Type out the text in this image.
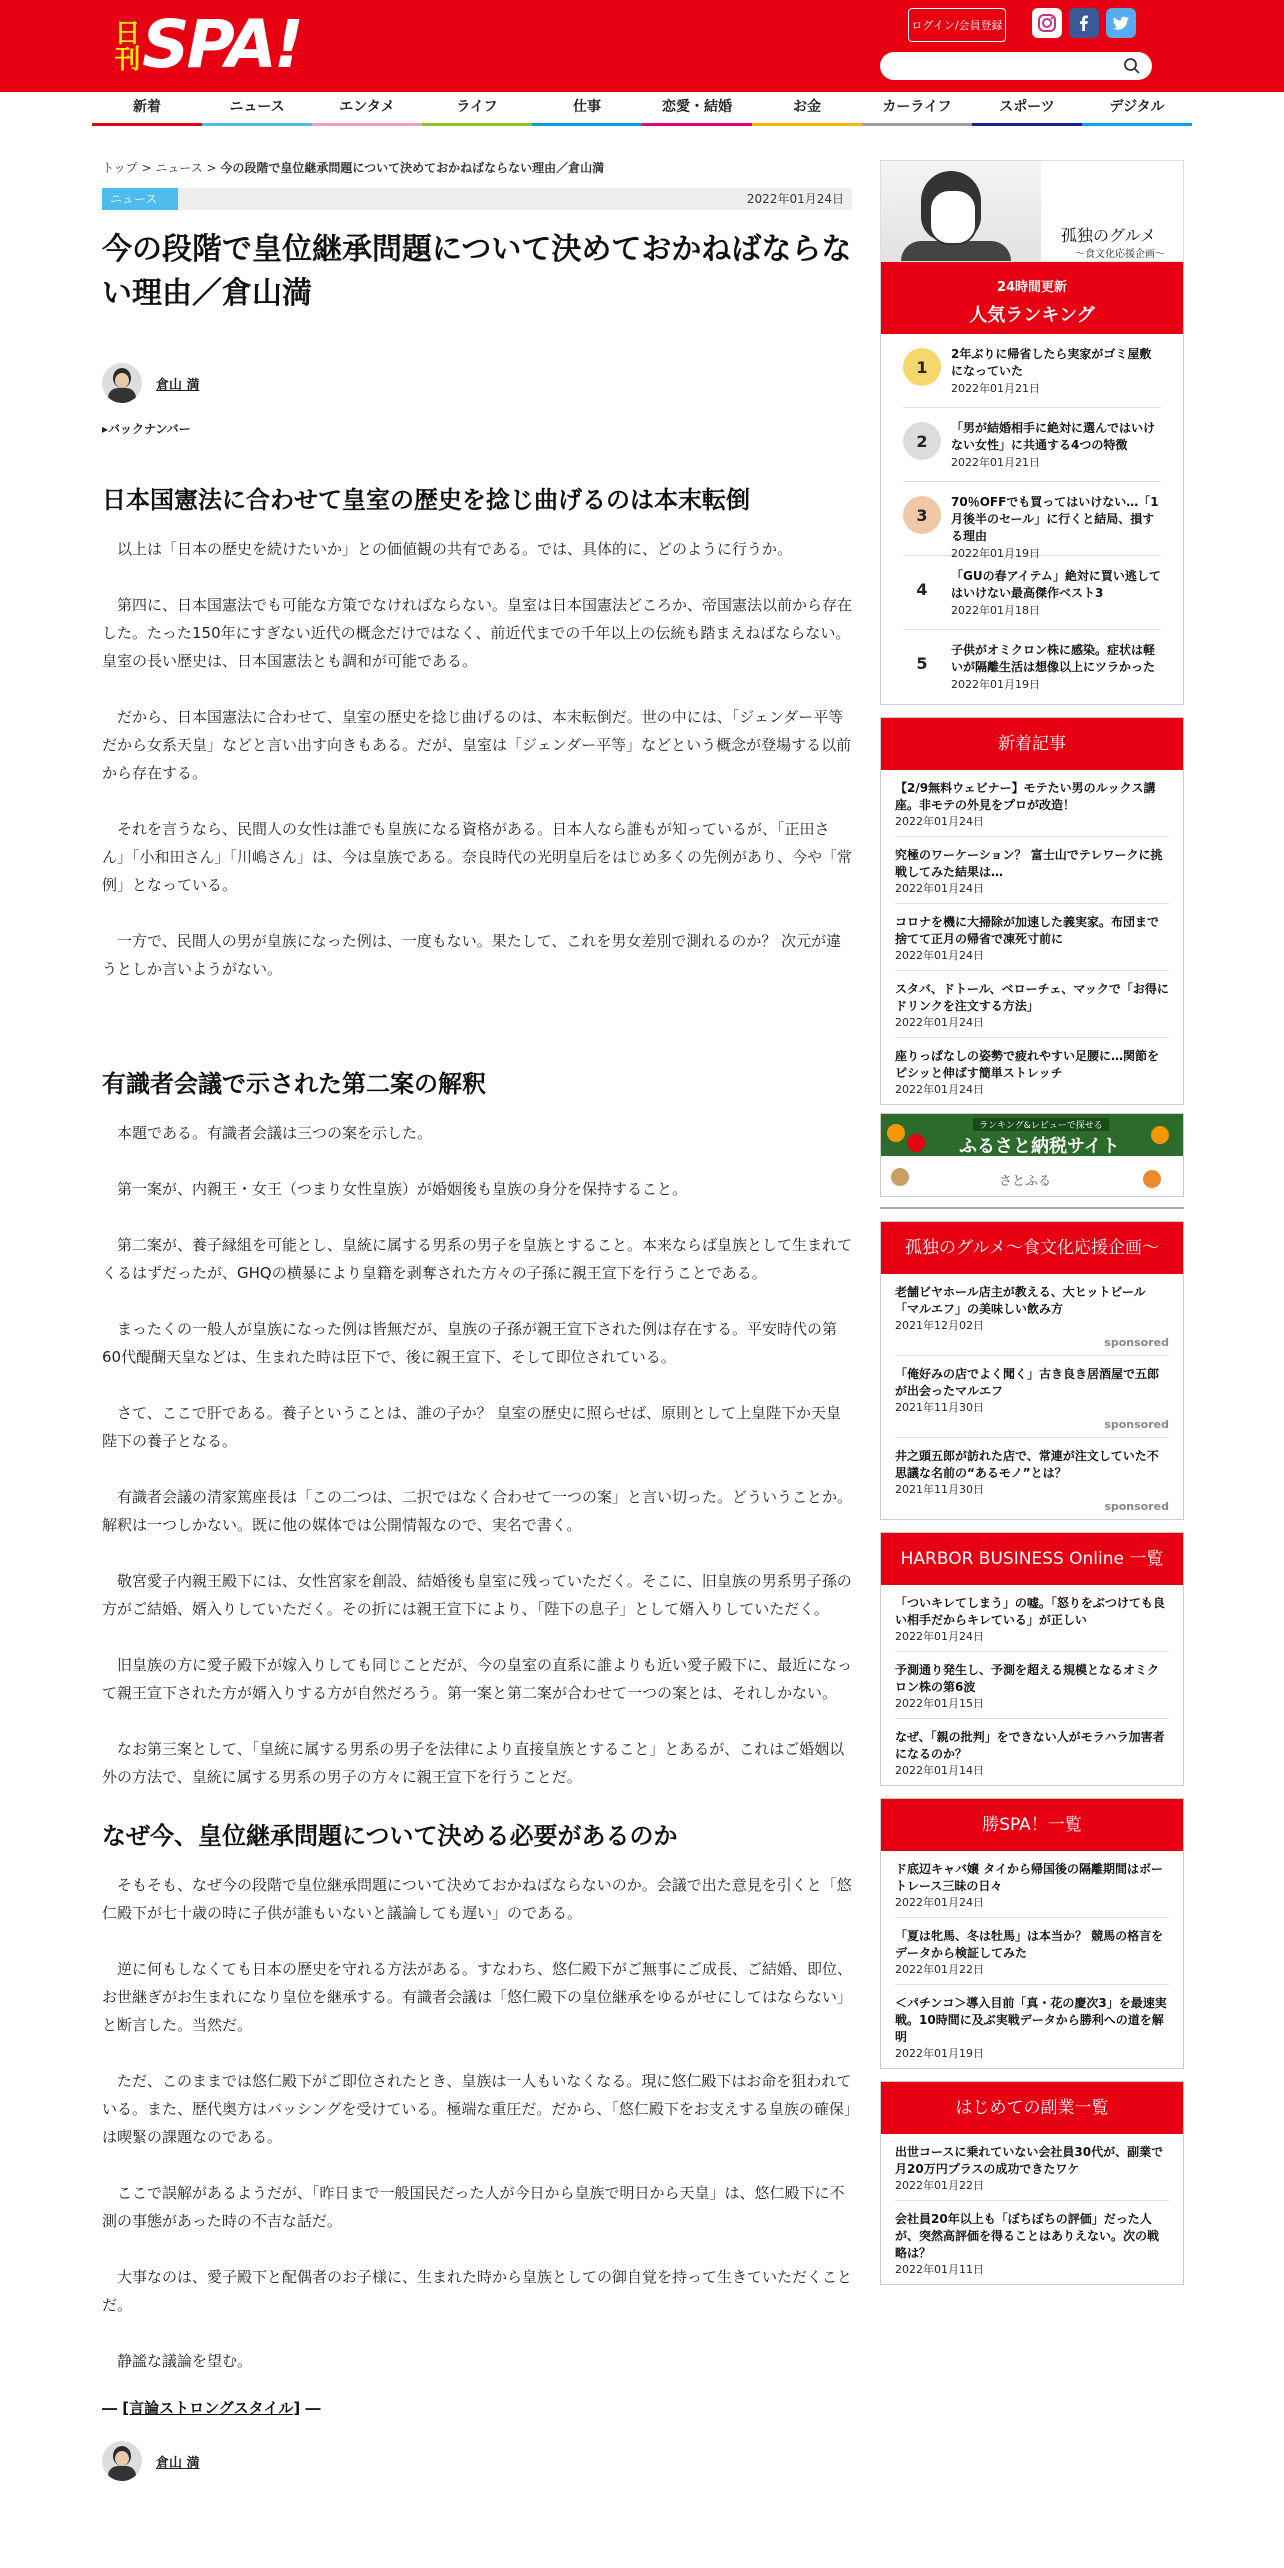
日刊 SPA!	ログイン/会員登録
新着	ニュース	エンタメ	ライフ	仕事	恋愛・結婚	お金	カーライフ	スポーツ	デジタル
トップ > ニュース > 今の段階で皇位継承問題について決めておかねばならない理由／倉山満
ニュース	2022年01月24日
今の段階で皇位継承問題について決めておかねばならない理由／倉山満
倉山 満
▸バックナンバー
日本国憲法に合わせて皇室の歴史を捻じ曲げるのは本末転倒

以上は「日本の歴史を続けたいか」との価値観の共有である。では、具体的に、どのように行うか。

第四に、日本国憲法でも可能な方策でなければならない。皇室は日本国憲法どころか、帝国憲法以前から存在した。たった150年にすぎない近代の概念だけではなく、前近代までの千年以上の伝統も踏まえねばならない。皇室の長い歴史は、日本国憲法とも調和が可能である。

だから、日本国憲法に合わせて、皇室の歴史を捻じ曲げるのは、本末転倒だ。世の中には、「ジェンダー平等だから女系天皇」などと言い出す向きもある。だが、皇室は「ジェンダー平等」などという概念が登場する以前から存在する。

それを言うなら、民間人の女性は誰でも皇族になる資格がある。日本人なら誰もが知っているが、「正田さん」「小和田さん」「川嶋さん」は、今は皇族である。奈良時代の光明皇后をはじめ多くの先例があり、今や「常例」となっている。

一方で、民間人の男が皇族になった例は、一度もない。果たして、これを男女差別で測れるのか？ 次元が違うとしか言いようがない。

有識者会議で示された第二案の解釈

本題である。有識者会議は三つの案を示した。

第一案が、内親王・女王（つまり女性皇族）が婚姻後も皇族の身分を保持すること。

第二案が、養子縁組を可能とし、皇統に属する男系の男子を皇族とすること。本来ならば皇族として生まれてくるはずだったが、GHQの横暴により皇籍を剥奪された方々の子孫に親王宣下を行うことである。

まったくの一般人が皇族になった例は皆無だが、皇族の子孫が親王宣下された例は存在する。平安時代の第60代醍醐天皇などは、生まれた時は臣下で、後に親王宣下、そして即位されている。

さて、ここで肝である。養子ということは、誰の子か？ 皇室の歴史に照らせば、原則として上皇陛下か天皇陛下の養子となる。

有識者会議の清家篤座長は「この二つは、二択ではなく合わせて一つの案」と言い切った。どういうことか。解釈は一つしかない。既に他の媒体では公開情報なので、実名で書く。

敬宮愛子内親王殿下には、女性宮家を創設、結婚後も皇室に残っていただく。そこに、旧皇族の男系男子孫の方がご結婚、婿入りしていただく。その折には親王宣下により、「陛下の息子」として婿入りしていただく。

旧皇族の方に愛子殿下が嫁入りしても同じことだが、今の皇室の直系に誰よりも近い愛子殿下に、最近になって親王宣下された方が婿入りする方が自然だろう。第一案と第二案が合わせて一つの案とは、それしかない。

なお第三案として、「皇統に属する男系の男子を法律により直接皇族とすること」とあるが、これはご婚姻以外の方法で、皇統に属する男系の男子の方々に親王宣下を行うことだ。

なぜ今、皇位継承問題について決める必要があるのか

そもそも、なぜ今の段階で皇位継承問題について決めておかねばならないのか。会議で出た意見を引くと「悠仁殿下が七十歳の時に子供が誰もいないと議論しても遅い」のである。

逆に何もしなくても日本の歴史を守れる方法がある。すなわち、悠仁殿下がご無事にご成長、ご結婚、即位、お世継ぎがお生まれになり皇位を継承する。有識者会議は「悠仁殿下の皇位継承をゆるがせにしてはならない」と断言した。当然だ。

ただ、このままでは悠仁殿下がご即位されたとき、皇族は一人もいなくなる。現に悠仁殿下はお命を狙われている。また、歴代奥方はバッシングを受けている。極端な重圧だ。だから、「悠仁殿下をお支えする皇族の確保」は喫緊の課題なのである。

ここで誤解があるようだが、「昨日まで一般国民だった人が今日から皇族で明日から天皇」は、悠仁殿下に不測の事態があった時の不吉な話だ。

大事なのは、愛子殿下と配偶者のお子様に、生まれた時から皇族としての御自覚を持って生きていただくことだ。

静謐な議論を望む。

― [言論ストロングスタイル] ―
倉山 満
孤独のグルメ
～食文化応援企画～
24時間更新
人気ランキング
1
2年ぶりに帰省したら実家がゴミ屋敷になっていた
2022年01月21日
2
「男が結婚相手に絶対に選んではいけない女性」に共通する4つの特徴
2022年01月21日
3
70％OFFでも買ってはいけない…「1月後半のセール」に行くと結局、損する理由
2022年01月19日
4
「GUの春アイテム」絶対に買い逃してはいけない最高傑作ベスト3
2022年01月18日
5
子供がオミクロン株に感染。症状は軽いが隔離生活は想像以上にツラかった
2022年01月19日
新着記事
【2/9無料ウェビナー】モテたい男のルックス講座。非モテの外見をプロが改造！
2022年01月24日
究極のワーケーション？ 富士山でテレワークに挑戦してみた結果は…
2022年01月24日
コロナを機に大掃除が加速した義実家。布団まで捨てて正月の帰省で凍死寸前に
2022年01月24日
スタバ、ドトール、ベローチェ、マックで「お得にドリンクを注文する方法」
2022年01月24日
座りっぱなしの姿勢で疲れやすい足腰に…関節をピシッと伸ばす簡単ストレッチ
2022年01月24日
ランキング&レビューで探せる
ふるさと納税サイト
さとふる
孤独のグルメ～食文化応援企画～
老舗ビヤホール店主が教える、大ヒットビール「マルエフ」の美味しい飲み方
2021年12月02日
sponsored
「俺好みの店でよく聞く」古き良き居酒屋で五郎が出会ったマルエフ
2021年11月30日
sponsored
井之頭五郎が訪れた店で、常連が注文していた不思議な名前の“あるモノ”とは？
2021年11月30日
sponsored
HARBOR BUSINESS Online 一覧
「ついキレてしまう」の嘘。「怒りをぶつけても良い相手だからキレている」が正しい
2022年01月24日
予測通り発生し、予測を超える規模となるオミクロン株の第6波
2022年01月15日
なぜ、「親の批判」をできない人がモラハラ加害者になるのか？
2022年01月14日
勝SPA！一覧
ド底辺キャバ嬢 タイから帰国後の隔離期間はボートレース三昧の日々
2022年01月24日
「夏は牝馬、冬は牡馬」は本当か？ 競馬の格言をデータから検証してみた
2022年01月22日
＜パチンコ＞導入目前「真・花の慶次3」を最速実戦。10時間に及ぶ実戦データから勝利への道を解明
2022年01月19日
はじめての副業一覧
出世コースに乗れていない会社員30代が、副業で月20万円プラスの成功できたワケ
2022年01月22日
会社員20年以上も「ぼちぼちの評価」だった人が、突然高評価を得ることはありえない。次の戦略は？
2022年01月11日
